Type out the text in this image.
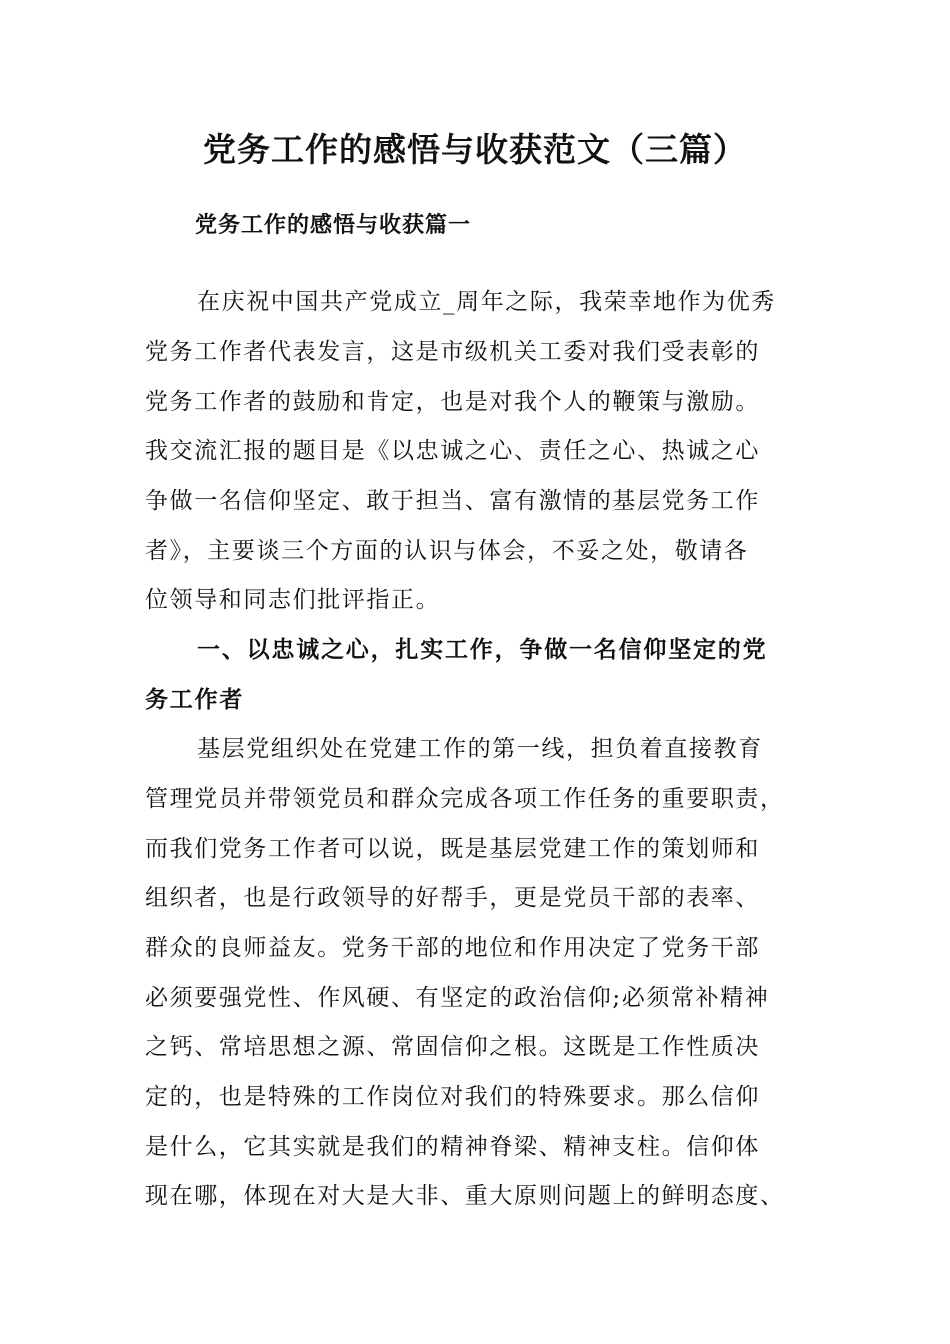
党务工作的感悟与收获范文（三篇）
党务工作的感悟与收获篇一
在庆祝中国共产党成立_周年之际，我荣幸地作为优秀
党务工作者代表发言，这是市级机关工委对我们受表彰的
党务工作者的鼓励和肯定，也是对我个人的鞭策与激励。
我交流汇报的题目是《以忠诚之心、责任之心、热诚之心
争做一名信仰坚定、敢于担当、富有激情的基层党务工作
者》，主要谈三个方面的认识与体会，不妥之处，敬请各
位领导和同志们批评指正。
一、以忠诚之心，扎实工作，争做一名信仰坚定的党
务工作者
基层党组织处在党建工作的第一线，担负着直接教育
管理党员并带领党员和群众完成各项工作任务的重要职责，
而我们党务工作者可以说，既是基层党建工作的策划师和
组织者，也是行政领导的好帮手，更是党员干部的表率、
群众的良师益友。党务干部的地位和作用决定了党务干部
必须要强党性、作风硬、有坚定的政治信仰;必须常补精神
之钙、常培思想之源、常固信仰之根。这既是工作性质决
定的，也是特殊的工作岗位对我们的特殊要求。那么信仰
是什么，它其实就是我们的精神脊梁、精神支柱。信仰体
现在哪，体现在对大是大非、重大原则问题上的鲜明态度、
